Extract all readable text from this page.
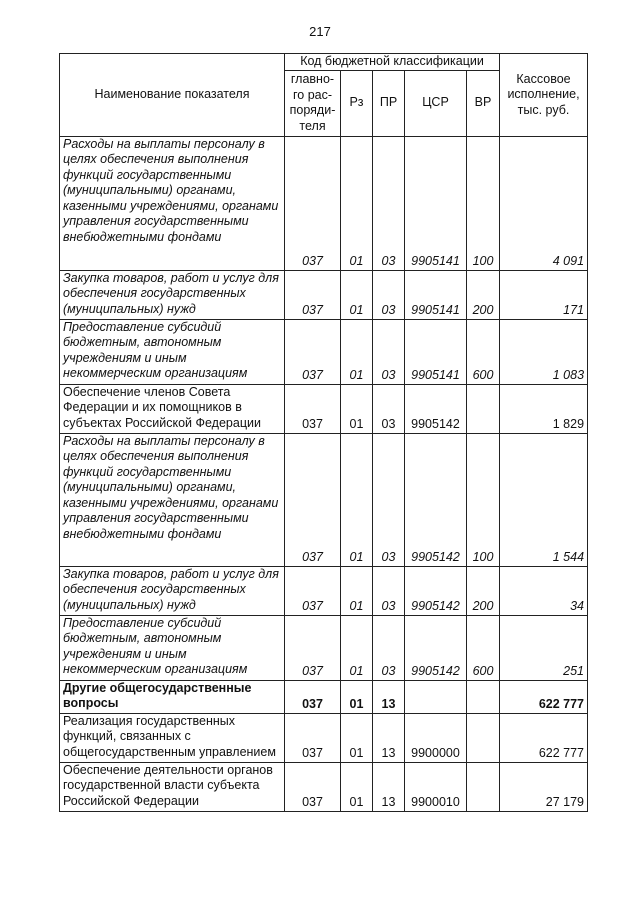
217
Наименование показателя	Код бюджетной классификации					Кассовое исполнение, тыс. руб.
	главно-го рас-поряди-теля	Рз	ПР	ЦСР	ВР	
Расходы на выплаты персоналу в целях обеспечения выполнения функций государственными (муниципальными) органами, казенными учреждениями, органами управления государственными внебюджетными фондами	037	01	03	9905141	100	4 091
Закупка товаров, работ и услуг для обеспечения государственных (муниципальных) нужд	037	01	03	9905141	200	171
Предоставление субсидий бюджетным, автономным учреждениям и иным некоммерческим организациям	037	01	03	9905141	600	1 083
Обеспечение членов Совета Федерации и их помощников в субъектах Российской Федерации	037	01	03	9905142		1 829
Расходы на выплаты персоналу в целях обеспечения выполнения функций государственными (муниципальными) органами, казенными учреждениями, органами управления государственными внебюджетными фондами	037	01	03	9905142	100	1 544
Закупка товаров, работ и услуг для обеспечения государственных (муниципальных) нужд	037	01	03	9905142	200	34
Предоставление субсидий бюджетным, автономным учреждениям и иным некоммерческим организациям	037	01	03	9905142	600	251
Другие общегосударственные вопросы	037	01	13			622 777
Реализация государственных функций, связанных с общегосударственным управлением	037	01	13	9900000		622 777
Обеспечение деятельности органов государственной власти субъекта Российской Федерации	037	01	13	9900010		27 179
